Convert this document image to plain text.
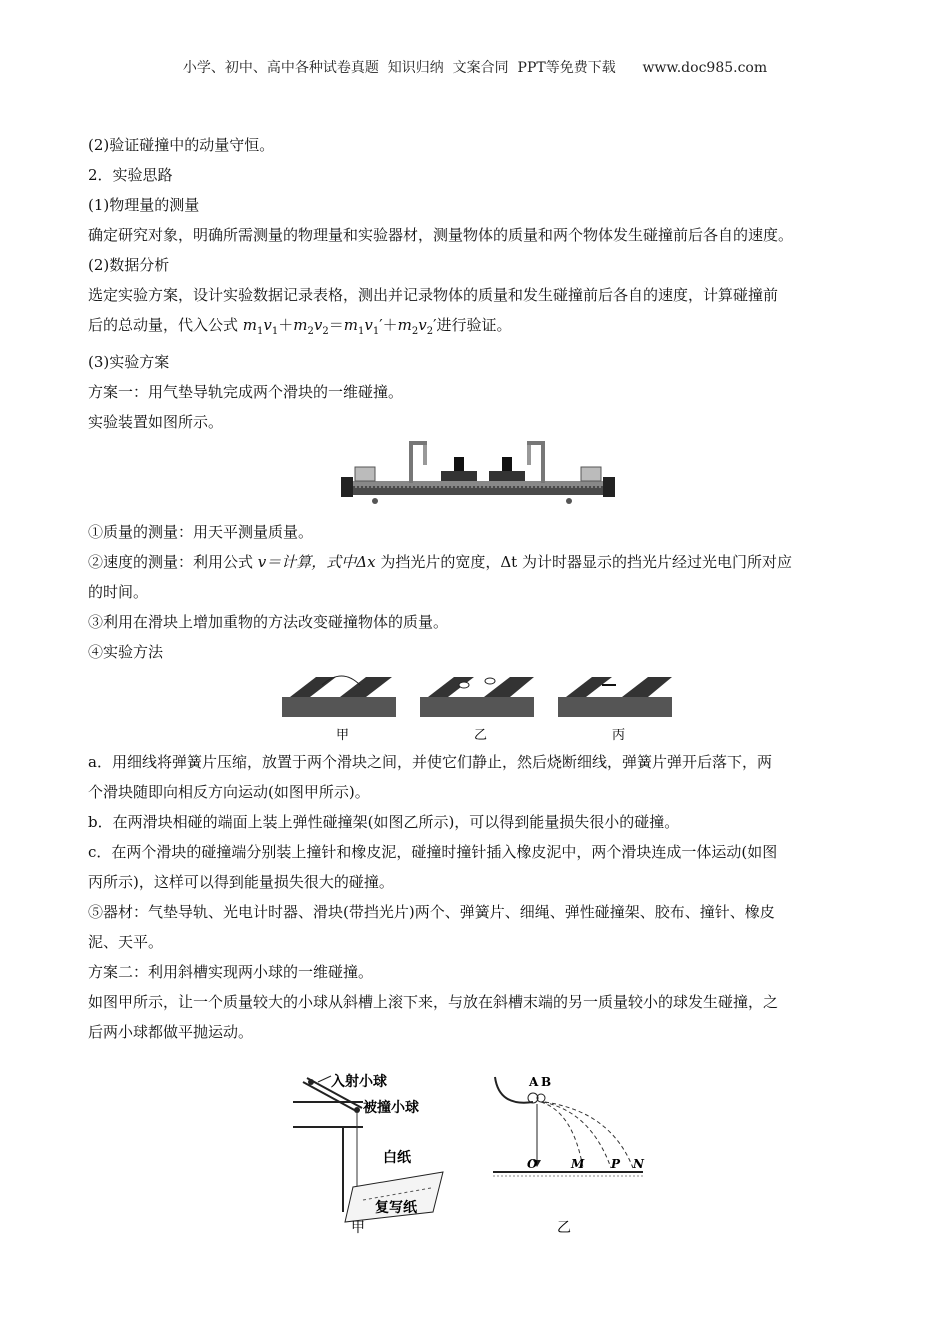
小学、初中、高中各种试卷真题  知识归纳  文案合同  PPT等免费下载      www.doc985.com
(2)验证碰撞中的动量守恒。
2．实验思路
(1)物理量的测量
确定研究对象，明确所需测量的物理量和实验器材，测量物体的质量和两个物体发生碰撞前后各自的速度。
(2)数据分析
选定实验方案，设计实验数据记录表格，测出并记录物体的质量和发生碰撞前后各自的速度，计算碰撞前
后的总动量，代入公式 $m_1v_1+m_2v_2=m_1v_1'+m_2v_2'$进行验证。
(3)实验方案
方案一：用气垫导轨完成两个滑块的一维碰撞。
实验装置如图所示。
①质量的测量：用天平测量质量。
②速度的测量：利用公式 v＝计算，式中Δx 为挡光片的宽度，Δt 为计时器显示的挡光片经过光电门所对应
的时间。
③利用在滑块上增加重物的方法改变碰撞物体的质量。
④实验方法
甲	乙	丙
a．用细线将弹簧片压缩，放置于两个滑块之间，并使它们静止，然后烧断细线，弹簧片弹开后落下，两
个滑块随即向相反方向运动(如图甲所示)。
b．在两滑块相碰的端面上装上弹性碰撞架(如图乙所示)，可以得到能量损失很小的碰撞。
c．在两个滑块的碰撞端分别装上撞针和橡皮泥，碰撞时撞针插入橡皮泥中，两个滑块连成一体运动(如图
丙所示)，这样可以得到能量损失很大的碰撞。
⑤器材：气垫导轨、光电计时器、滑块(带挡光片)两个、弹簧片、细绳、弹性碰撞架、胶布、撞针、橡皮
泥、天平。
方案二：利用斜槽实现两小球的一维碰撞。
如图甲所示，让一个质量较大的小球从斜槽上滚下来，与放在斜槽末端的另一质量较小的球发生碰撞，之
后两小球都做平抛运动。
入射小球
被撞小球
白纸
复写纸
甲
A B
O	M P N
乙
